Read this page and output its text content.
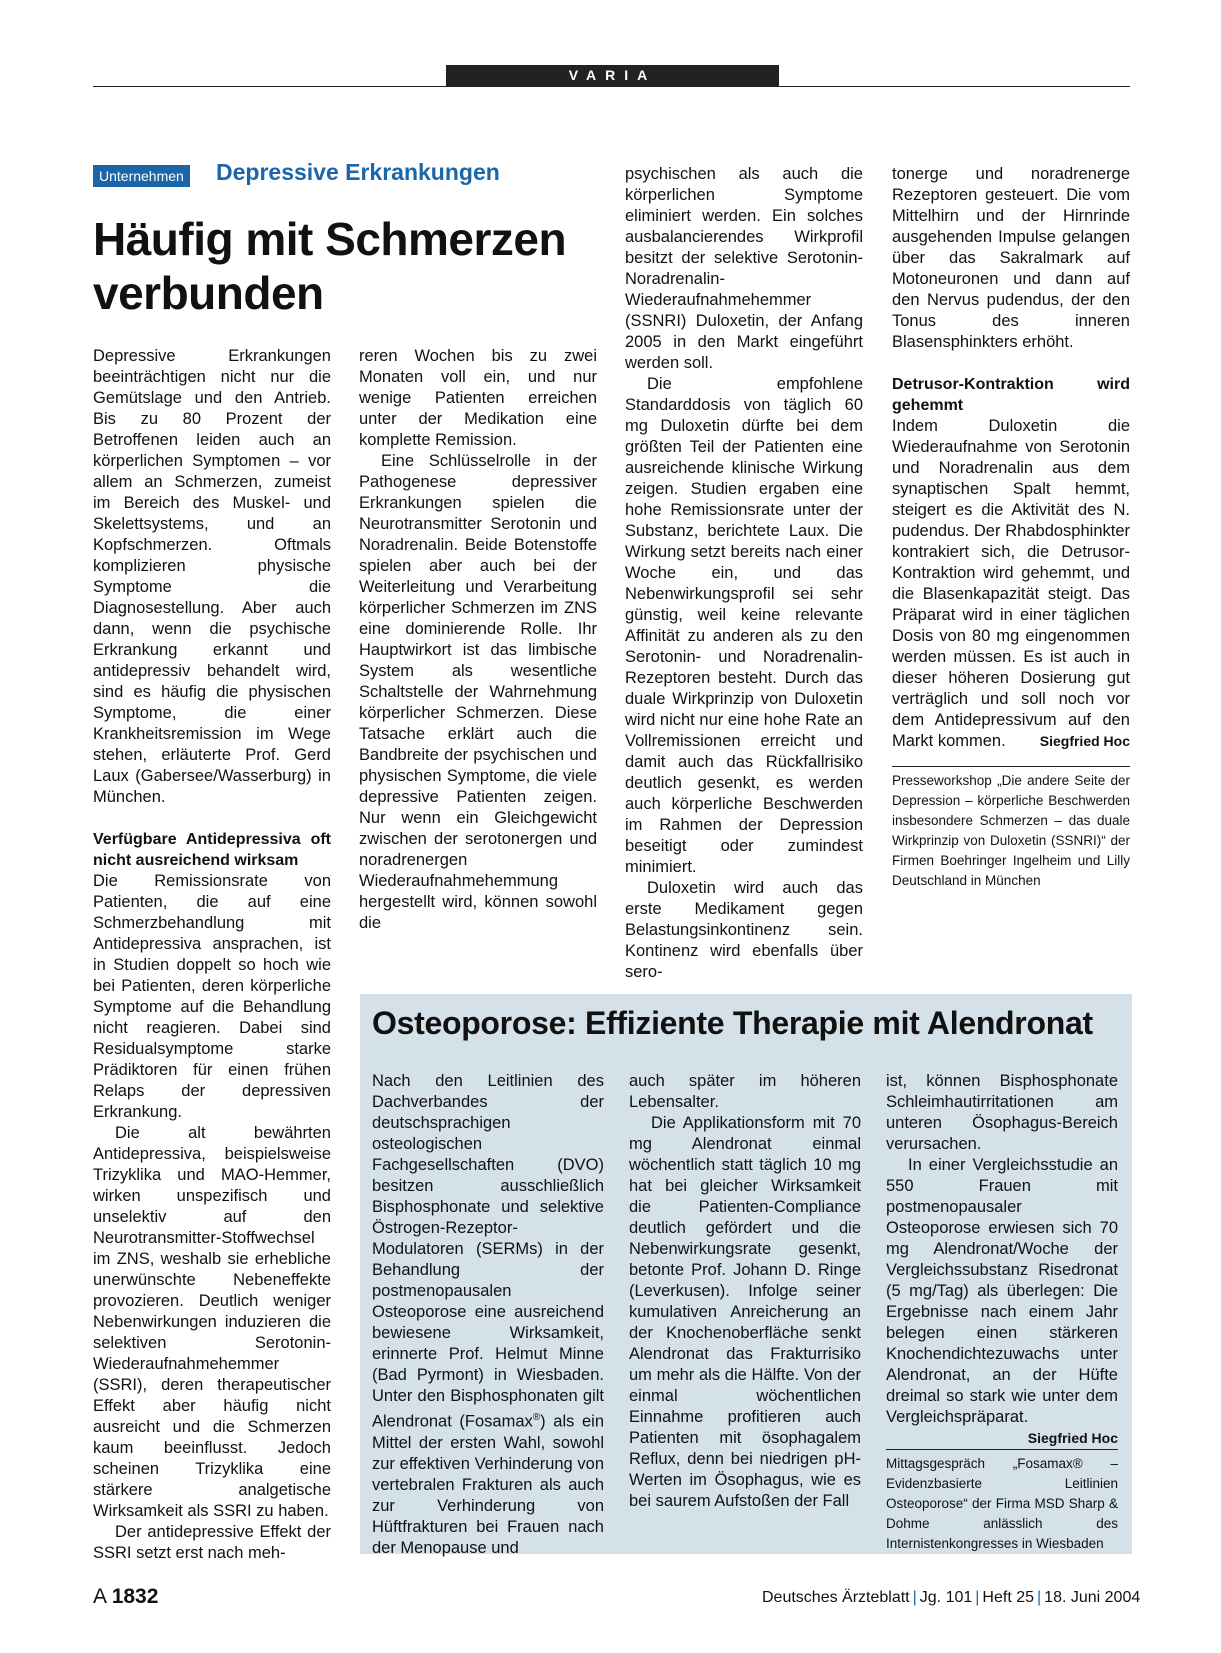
VARIA
Unternehmen Depressive Erkrankungen
Häufig mit Schmerzen
verbunden

Depressive Erkrankungen beeinträchtigen nicht nur die Gemütslage und den Antrieb. Bis zu 80 Prozent der Betroffenen leiden auch an körperlichen Symptomen – vor allem an Schmerzen, zumeist im Bereich des Muskel- und Skelettsystems, und an Kopfschmerzen. Oftmals komplizieren physische Symptome die Diagnosestellung. Aber auch dann, wenn die psychische Erkrankung erkannt und antidepressiv behandelt wird, sind es häufig die physischen Symptome, die einer Krankheitsremission im Wege stehen, erläuterte Prof. Gerd Laux (Gabersee/Wasserburg) in München.

Verfügbare Antidepressiva oft nicht ausreichend wirksam

Die Remissionsrate von Patienten, die auf eine Schmerzbehandlung mit Antidepressiva ansprachen, ist in Studien doppelt so hoch wie bei Patienten, deren körperliche Symptome auf die Behandlung nicht reagieren. Dabei sind Residualsymptome starke Prädiktoren für einen frühen Relaps der depressiven Erkrankung.

Die alt bewährten Antidepressiva, beispielsweise Trizyklika und MAO-Hemmer, wirken unspezifisch und unselektiv auf den Neurotransmitter-Stoffwechsel im ZNS, weshalb sie erhebliche unerwünschte Nebeneffekte provozieren. Deutlich weniger Nebenwirkungen induzieren die selektiven Serotonin-Wiederaufnahmehemmer (SSRI), deren therapeutischer Effekt aber häufig nicht ausreicht und die Schmerzen kaum beeinflusst. Jedoch scheinen Trizyklika eine stärkere analgetische Wirksamkeit als SSRI zu haben.

Der antidepressive Effekt der SSRI setzt erst nach meh-

reren Wochen bis zu zwei Monaten voll ein, und nur wenige Patienten erreichen unter der Medikation eine komplette Remission.

Eine Schlüsselrolle in der Pathogenese depressiver Erkrankungen spielen die Neurotransmitter Serotonin und Noradrenalin. Beide Botenstoffe spielen aber auch bei der Weiterleitung und Verarbeitung körperlicher Schmerzen im ZNS eine dominierende Rolle. Ihr Hauptwirkort ist das limbische System als wesentliche Schaltstelle der Wahrnehmung körperlicher Schmerzen. Diese Tatsache erklärt auch die Bandbreite der psychischen und physischen Symptome, die viele depressive Patienten zeigen. Nur wenn ein Gleichgewicht zwischen der serotonergen und noradrenergen Wiederaufnahmehemmung hergestellt wird, können sowohl die

psychischen als auch die körperlichen Symptome eliminiert werden. Ein solches ausbalancierendes Wirkprofil besitzt der selektive Serotonin-Noradrenalin-Wiederaufnahmehemmer (SSNRI) Duloxetin, der Anfang 2005 in den Markt eingeführt werden soll.

Die empfohlene Standarddosis von täglich 60 mg Duloxetin dürfte bei dem größten Teil der Patienten eine ausreichende klinische Wirkung zeigen. Studien ergaben eine hohe Remissionsrate unter der Substanz, berichtete Laux. Die Wirkung setzt bereits nach einer Woche ein, und das Nebenwirkungsprofil sei sehr günstig, weil keine relevante Affinität zu anderen als zu den Serotonin- und Noradrenalin-Rezeptoren besteht. Durch das duale Wirkprinzip von Duloxetin wird nicht nur eine hohe Rate an Vollremissionen erreicht und damit auch das Rückfallrisiko deutlich gesenkt, es werden auch körperliche Beschwerden im Rahmen der Depression beseitigt oder zumindest minimiert.

Duloxetin wird auch das erste Medikament gegen Belastungsinkontinenz sein. Kontinenz wird ebenfalls über sero-

tonerge und noradrenerge Rezeptoren gesteuert. Die vom Mittelhirn und der Hirnrinde ausgehenden Impulse gelangen über das Sakralmark auf Motoneuronen und dann auf den Nervus pudendus, der den Tonus des inneren Blasensphinkters erhöht.

Detrusor-Kontraktion wird gehemmt

Indem Duloxetin die Wiederaufnahme von Serotonin und Noradrenalin aus dem synaptischen Spalt hemmt, steigert es die Aktivität des N. pudendus. Der Rhabdosphinkter kontrakiert sich, die Detrusor-Kontraktion wird gehemmt, und die Blasenkapazität steigt. Das Präparat wird in einer täglichen Dosis von 80 mg eingenommen werden müssen. Es ist auch in dieser höheren Dosierung gut verträglich und soll noch vor dem Antidepressivum auf den Markt kommen. Siegfried Hoc

Presseworkshop „Die andere Seite der Depression – körperliche Beschwerden insbesondere Schmerzen – das duale Wirkprinzip von Duloxetin (SSNRI)“ der Firmen Boehringer Ingelheim und Lilly Deutschland in München
Osteoporose: Effiziente Therapie mit Alendronat

Nach den Leitlinien des Dachverbandes der deutschsprachigen osteologischen Fachgesellschaften (DVO) besitzen ausschließlich Bisphosphonate und selektive Östrogen-Rezeptor-Modulatoren (SERMs) in der Behandlung der postmenopausalen Osteoporose eine ausreichend bewiesene Wirksamkeit, erinnerte Prof. Helmut Minne (Bad Pyrmont) in Wiesbaden. Unter den Bisphosphonaten gilt Alendronat (Fosamax®) als ein Mittel der ersten Wahl, sowohl zur effektiven Verhinderung von vertebralen Frakturen als auch zur Verhinderung von Hüftfrakturen bei Frauen nach der Menopause und

auch später im höheren Lebensalter.

Die Applikationsform mit 70 mg Alendronat einmal wöchentlich statt täglich 10 mg hat bei gleicher Wirksamkeit die Patienten-Compliance deutlich gefördert und die Nebenwirkungsrate gesenkt, betonte Prof. Johann D. Ringe (Leverkusen). Infolge seiner kumulativen Anreicherung an der Knochenoberfläche senkt Alendronat das Frakturrisiko um mehr als die Hälfte. Von der einmal wöchentlichen Einnahme profitieren auch Patienten mit ösophagalem Reflux, denn bei niedrigen pH-Werten im Ösophagus, wie es bei saurem Aufstoßen der Fall

ist, können Bisphosphonate Schleimhautirritationen am unteren Ösophagus-Bereich verursachen.

In einer Vergleichsstudie an 550 Frauen mit postmenopausaler Osteoporose erwiesen sich 70 mg Alendronat/Woche der Vergleichssubstanz Risedronat (5 mg/Tag) als überlegen: Die Ergebnisse nach einem Jahr belegen einen stärkeren Knochendichtezuwachs unter Alendronat, an der Hüfte dreimal so stark wie unter dem Vergleichspräparat.
Siegfried Hoc

Mittagsgespräch „Fosamax® – Evidenzbasierte Leitlinien Osteoporose“ der Firma MSD Sharp & Dohme anlässlich des Internistenkongresses in Wiesbaden
A 1832	Deutsches Ärzteblatt | Jg. 101 | Heft 25 | 18. Juni 2004
